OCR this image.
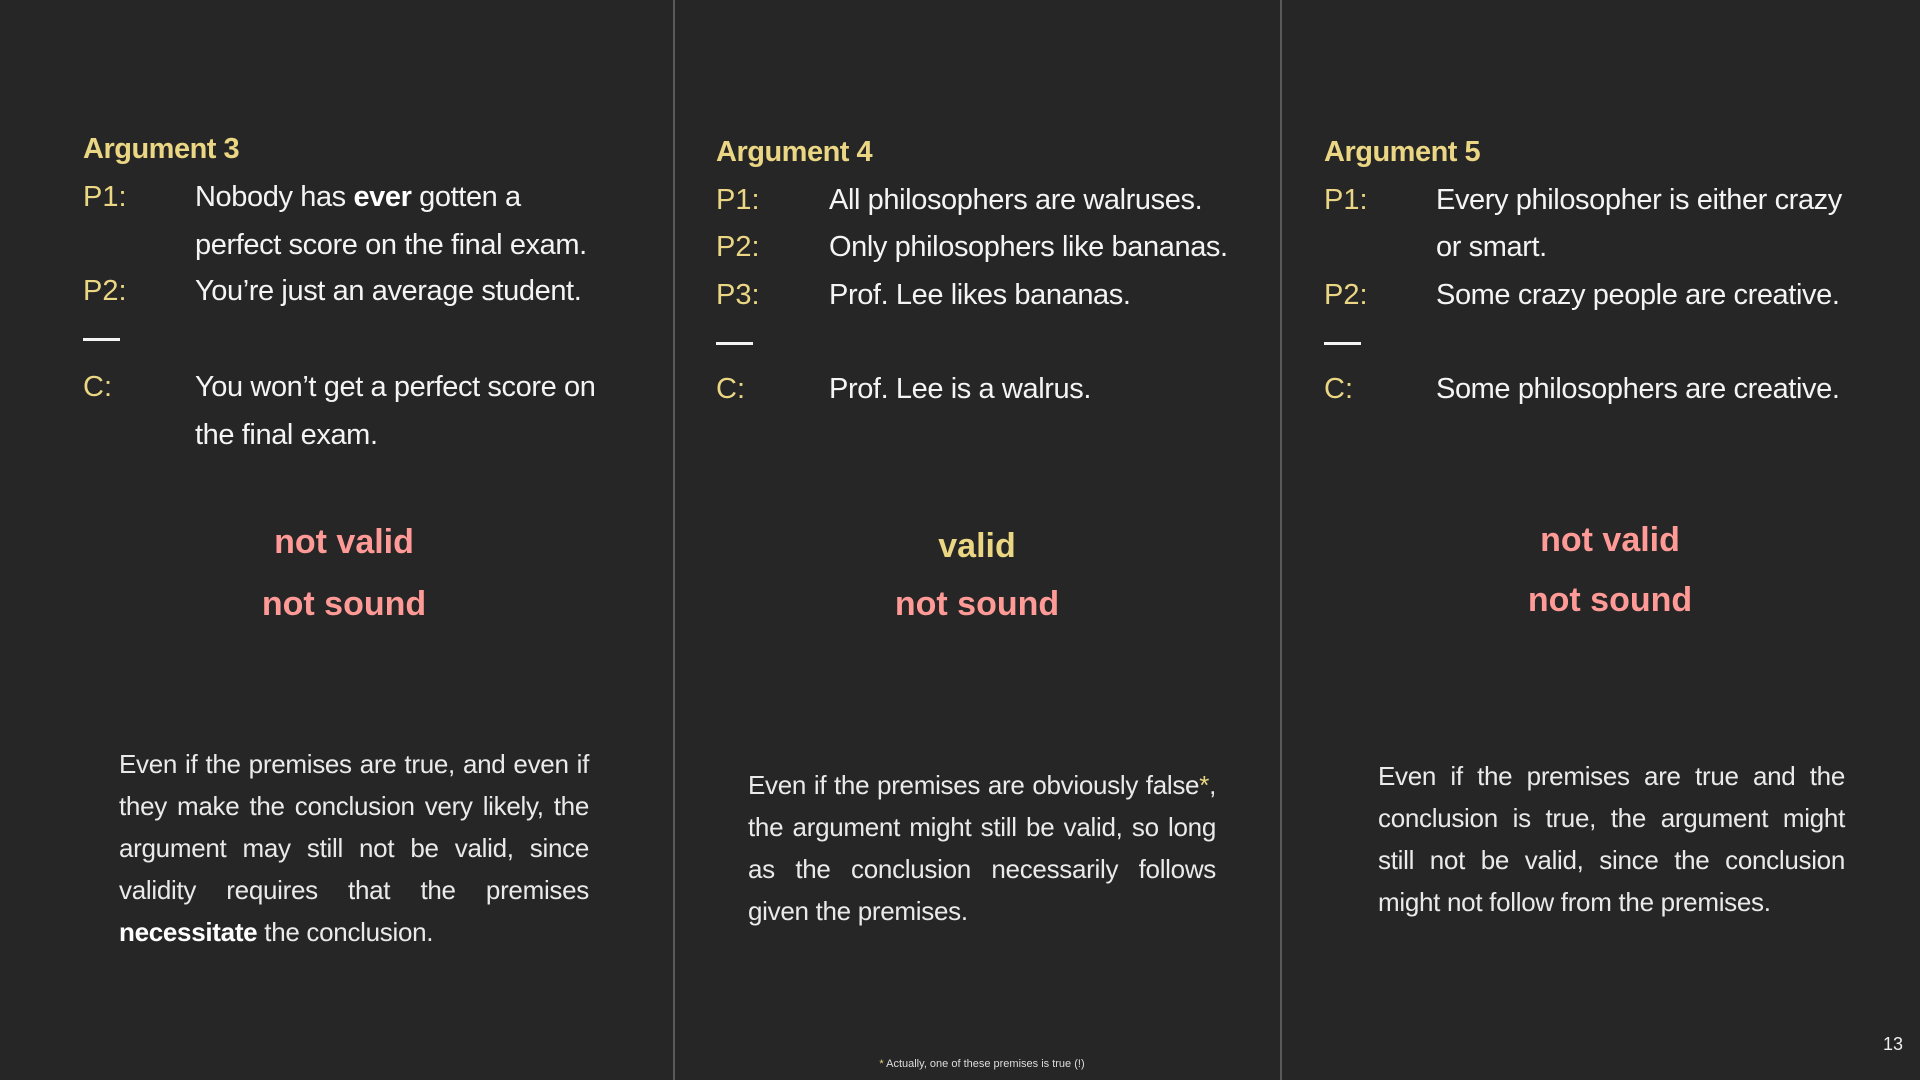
Argument 3
P1: Nobody has ever gotten a
perfect score on the final exam.
P2: You’re just an average student.
C:	You won’t get a perfect score on
the final exam.
not valid
not sound
Even if the premises are true, and even if they make the conclusion very likely, the argument may still not be valid, since validity requires that the premises necessitate the conclusion.
Argument 4
P1: All philosophers are walruses.
P2: Only philosophers like bananas.
P3: Prof. Lee likes bananas.
C:	Prof. Lee is a walrus.
valid
not sound
Even if the premises are obviously false*, the argument might still be valid, so long as the conclusion necessarily follows given the premises.
Argument 5
P1: Every philosopher is either crazy
or smart.
P2: Some crazy people are creative.
C:	Some philosophers are creative.
not valid
not sound
Even if the premises are true and the conclusion is true, the argument might still not be valid, since the conclusion might not follow from the premises.
* Actually, one of these premises is true (!)
13
